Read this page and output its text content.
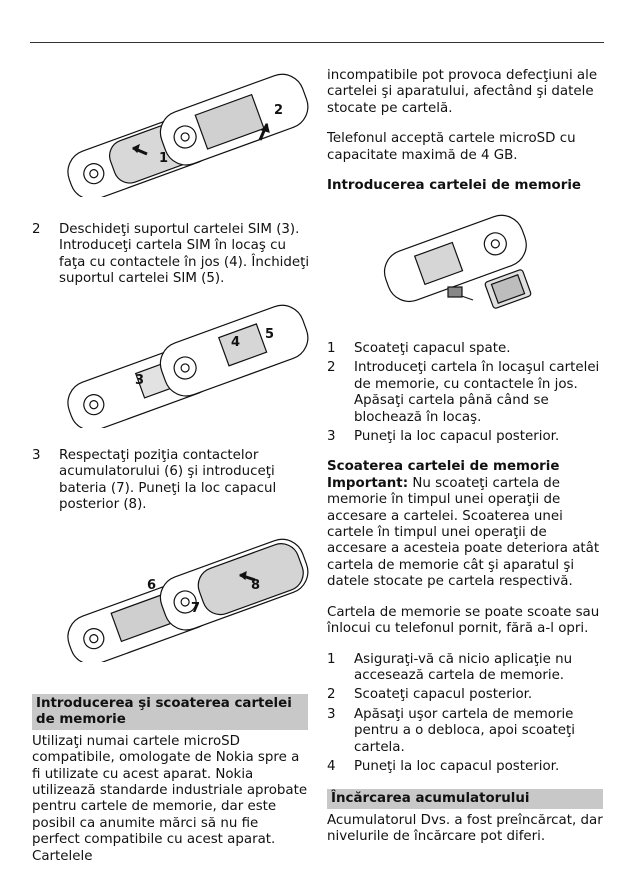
1
2
3
4
5
6
7
8
2	Deschideţi suportul cartelei SIM (3). Introduceţi cartela SIM în locaş cu faţa cu contactele în jos (4). Închideţi suportul cartelei SIM (5).
3	Respectaţi poziţia contactelor acumulatorului (6) şi introduceţi bateria (7). Puneţi la loc capacul posterior (8).
Introducerea şi scoaterea cartelei de memorie

Utilizaţi numai cartele microSD compatibile, omologate de Nokia spre a fi utilizate cu acest aparat. Nokia utilizează standarde industriale aprobate pentru cartele de memorie, dar este posibil ca anumite mărci să nu fie perfect compatibile cu acest aparat. Cartelele

incompatibile pot provoca defecţiuni ale cartelei şi aparatului, afectând şi datele stocate pe cartelă.

Telefonul acceptă cartele microSD cu capacitate maximă de 4 GB.

Introducerea cartelei de memorie

1	Scoateţi capacul spate.
2	Introduceţi cartela în locaşul cartelei de memorie, cu contactele în jos. Apăsaţi cartela până când se blochează în locaş.
3	Puneţi la loc capacul posterior.

Scoaterea cartelei de memorie

Important: Nu scoateţi cartela de memorie în timpul unei operaţii de accesare a cartelei. Scoaterea unei cartele în timpul unei operaţii de accesare a acesteia poate deteriora atât cartela de memorie cât şi aparatul şi datele stocate pe cartela respectivă.

Cartela de memorie se poate scoate sau înlocui cu telefonul pornit, fără a-l opri.

1	Asiguraţi-vă că nicio aplicaţie nu accesează cartela de memorie.
2	Scoateţi capacul posterior.
3	Apăsaţi uşor cartela de memorie pentru a o debloca, apoi scoateţi cartela.
4	Puneţi la loc capacul posterior.
Încărcarea acumulatorului

Acumulatorul Dvs. a fost preîncărcat, dar nivelurile de încărcare pot diferi.
